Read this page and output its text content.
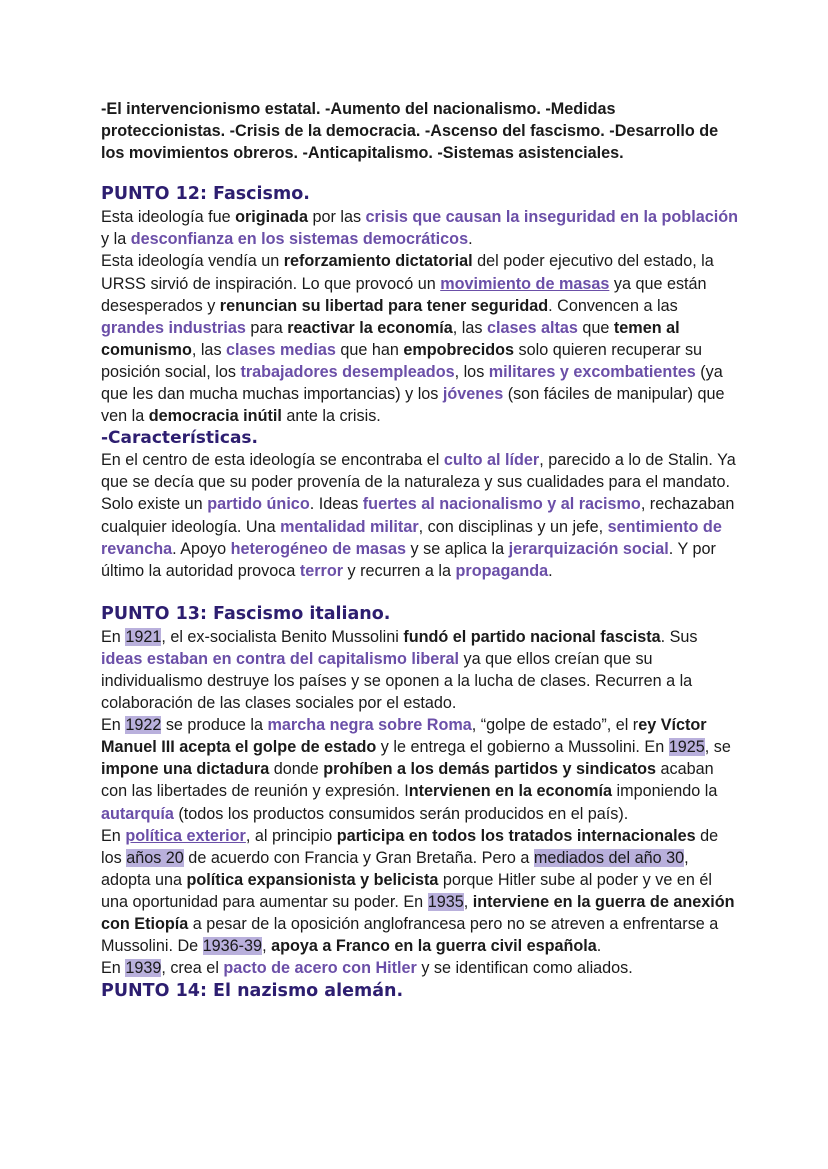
-El intervencionismo estatal. -Aumento del nacionalismo. -Medidas proteccionistas. -Crisis de la democracia. -Ascenso del fascismo. -Desarrollo de los movimientos obreros. -Anticapitalismo. -Sistemas asistenciales.

PUNTO 12: Fascismo.

Esta ideología fue originada por las crisis que causan la inseguridad en la población y la desconfianza en los sistemas democráticos.

Esta ideología vendía un reforzamiento dictatorial del poder ejecutivo del estado, la URSS sirvió de inspiración. Lo que provocó un movimiento de masas ya que están desesperados y renuncian su libertad para tener seguridad. Convencen a las grandes industrias para reactivar la economía, las clases altas que temen al comunismo, las clases medias que han empobrecidos solo quieren recuperar su posición social, los trabajadores desempleados, los militares y excombatientes (ya que les dan mucha muchas importancias) y los jóvenes (son fáciles de manipular) que ven la democracia inútil ante la crisis.

-Características.

En el centro de esta ideología se encontraba el culto al líder, parecido a lo de Stalin. Ya que se decía que su poder provenía de la naturaleza y sus cualidades para el mandato. Solo existe un partido único. Ideas fuertes al nacionalismo y al racismo, rechazaban cualquier ideología. Una mentalidad militar, con disciplinas y un jefe, sentimiento de revancha. Apoyo heterogéneo de masas y se aplica la jerarquización social. Y por último la autoridad provoca terror y recurren a la propaganda.

PUNTO 13: Fascismo italiano.

En 1921, el ex-socialista Benito Mussolini fundó el partido nacional fascista. Sus ideas estaban en contra del capitalismo liberal ya que ellos creían que su individualismo destruye los países y se oponen a la lucha de clases. Recurren a la colaboración de las clases sociales por el estado.

En 1922 se produce la marcha negra sobre Roma, “golpe de estado”, el rey Víctor Manuel III acepta el golpe de estado y le entrega el gobierno a Mussolini. En 1925, se impone una dictadura donde prohíben a los demás partidos y sindicatos acaban con las libertades de reunión y expresión. Intervienen en la economía imponiendo la autarquía (todos los productos consumidos serán producidos en el país).

En política exterior, al principio participa en todos los tratados internacionales de los años 20 de acuerdo con Francia y Gran Bretaña. Pero a mediados del año 30, adopta una política expansionista y belicista porque Hitler sube al poder y ve en él una oportunidad para aumentar su poder. En 1935, interviene en la guerra de anexión con Etiopía a pesar de la oposición anglofrancesa pero no se atreven a enfrentarse a Mussolini. De 1936-39, apoya a Franco en la guerra civil española.

En 1939, crea el pacto de acero con Hitler y se identifican como aliados.

PUNTO 14: El nazismo alemán.
